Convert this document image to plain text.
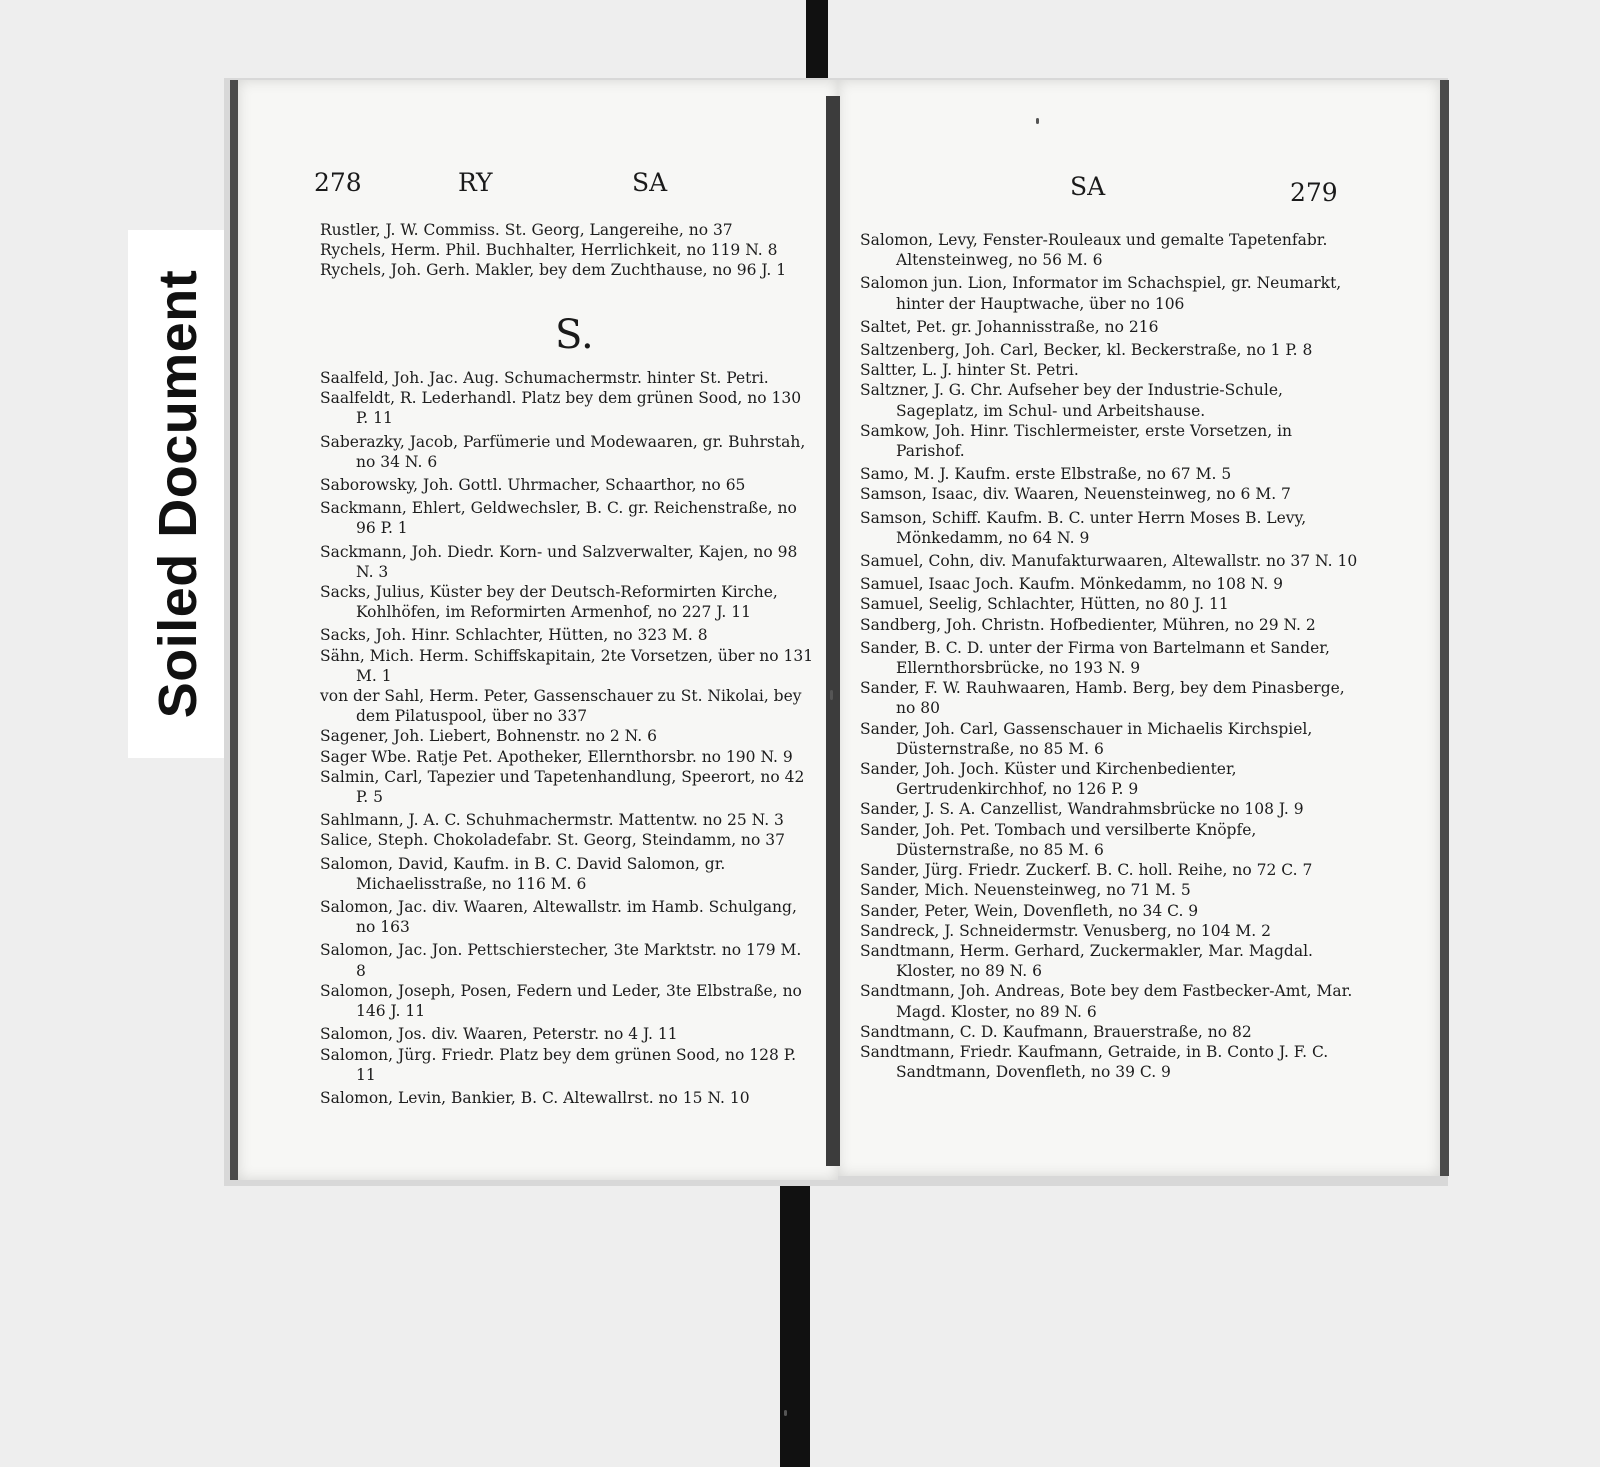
Soiled Document
278	RY	SA	SA	279

Rustler, J. W. Commiss. St. Georg, Langereihe, no 37

Rychels, Herm. Phil. Buchhalter, Herrlichkeit, no 119 N. 8

Rychels, Joh. Gerh. Makler, bey dem Zuchthause, no 96 J. 1

S.

Saalfeld, Joh. Jac. Aug. Schumachermstr. hinter St. Petri.

Saalfeldt, R. Lederhandl. Platz bey dem grünen Sood, no 130 P. 11

Saberazky, Jacob, Parfümerie und Modewaaren, gr. Buhrstah, no 34 N. 6

Saborowsky, Joh. Gottl. Uhrmacher, Schaarthor, no 65

Sackmann, Ehlert, Geldwechsler, B. C. gr. Reichenstraße, no 96 P. 1

Sackmann, Joh. Diedr. Korn- und Salzverwalter, Kajen, no 98 N. 3

Sacks, Julius, Küster bey der Deutsch-Reformirten Kirche, Kohlhöfen, im Reformirten Armenhof, no 227 J. 11

Sacks, Joh. Hinr. Schlachter, Hütten, no 323 M. 8

Sähn, Mich. Herm. Schiffskapitain, 2te Vorsetzen, über no 131 M. 1

von der Sahl, Herm. Peter, Gassenschauer zu St. Nikolai, bey dem Pilatuspool, über no 337

Sagener, Joh. Liebert, Bohnenstr. no 2 N. 6

Sager Wbe. Ratje Pet. Apotheker, Ellernthorsbr. no 190 N. 9

Salmin, Carl, Tapezier und Tapetenhandlung, Speerort, no 42 P. 5

Sahlmann, J. A. C. Schuhmachermstr. Mattentw. no 25 N. 3

Salice, Steph. Chokoladefabr. St. Georg, Steindamm, no 37

Salomon, David, Kaufm. in B. C. David Salomon, gr. Michaelisstraße, no 116 M. 6

Salomon, Jac. div. Waaren, Altewallstr. im Hamb. Schulgang, no 163

Salomon, Jac. Jon. Pettschierstecher, 3te Marktstr. no 179 M. 8

Salomon, Joseph, Posen, Federn und Leder, 3te Elbstraße, no 146 J. 11

Salomon, Jos. div. Waaren, Peterstr. no 4 J. 11

Salomon, Jürg. Friedr. Platz bey dem grünen Sood, no 128 P. 11

Salomon, Levin, Bankier, B. C. Altewallrst. no 15 N. 10

Salomon, Levy, Fenster-Rouleaux und gemalte Tapetenfabr. Altensteinweg, no 56 M. 6

Salomon jun. Lion, Informator im Schachspiel, gr. Neumarkt, hinter der Hauptwache, über no 106

Saltet, Pet. gr. Johannisstraße, no 216

Saltzenberg, Joh. Carl, Becker, kl. Beckerstraße, no 1 P. 8

Saltter, L. J. hinter St. Petri.

Saltzner, J. G. Chr. Aufseher bey der Industrie-Schule, Sageplatz, im Schul- und Arbeitshause.

Samkow, Joh. Hinr. Tischlermeister, erste Vorsetzen, in Parishof.

Samo, M. J. Kaufm. erste Elbstraße, no 67 M. 5

Samson, Isaac, div. Waaren, Neuensteinweg, no 6 M. 7

Samson, Schiff. Kaufm. B. C. unter Herrn Moses B. Levy, Mönkedamm, no 64 N. 9

Samuel, Cohn, div. Manufakturwaaren, Altewallstr. no 37 N. 10

Samuel, Isaac Joch. Kaufm. Mönkedamm, no 108 N. 9

Samuel, Seelig, Schlachter, Hütten, no 80 J. 11

Sandberg, Joh. Christn. Hofbedienter, Mühren, no 29 N. 2

Sander, B. C. D. unter der Firma von Bartelmann et Sander, Ellernthorsbrücke, no 193 N. 9

Sander, F. W. Rauhwaaren, Hamb. Berg, bey dem Pinasberge, no 80

Sander, Joh. Carl, Gassenschauer in Michaelis Kirchspiel, Düsternstraße, no 85 M. 6

Sander, Joh. Joch. Küster und Kirchenbedienter, Gertrudenkirchhof, no 126 P. 9

Sander, J. S. A. Canzellist, Wandrahmsbrücke no 108 J. 9

Sander, Joh. Pet. Tombach und versilberte Knöpfe, Düsternstraße, no 85 M. 6

Sander, Jürg. Friedr. Zuckerf. B. C. holl. Reihe, no 72 C. 7

Sander, Mich. Neuensteinweg, no 71 M. 5

Sander, Peter, Wein, Dovenfleth, no 34 C. 9

Sandreck, J. Schneidermstr. Venusberg, no 104 M. 2

Sandtmann, Herm. Gerhard, Zuckermakler, Mar. Magdal. Kloster, no 89 N. 6

Sandtmann, Joh. Andreas, Bote bey dem Fastbecker-Amt, Mar. Magd. Kloster, no 89 N. 6

Sandtmann, C. D. Kaufmann, Brauerstraße, no 82

Sandtmann, Friedr. Kaufmann, Getraide, in B. Conto J. F. C. Sandtmann, Dovenfleth, no 39 C. 9
